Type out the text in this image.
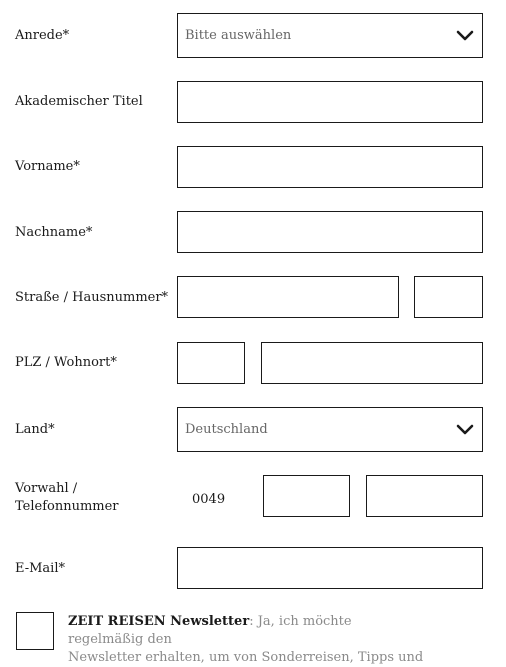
Anrede*	Bitte auswählen
Akademischer Titel
Vorname*
Nachname*
Straße / Hausnummer*
PLZ / Wohnort*
Land*	Deutschland
Vorwahl /
Telefonnummer	0049
E-Mail*
ZEIT REISEN Newsletter: Ja, ich möchte regelmäßig den
Newsletter erhalten, um von Sonderreisen, Tipps und
